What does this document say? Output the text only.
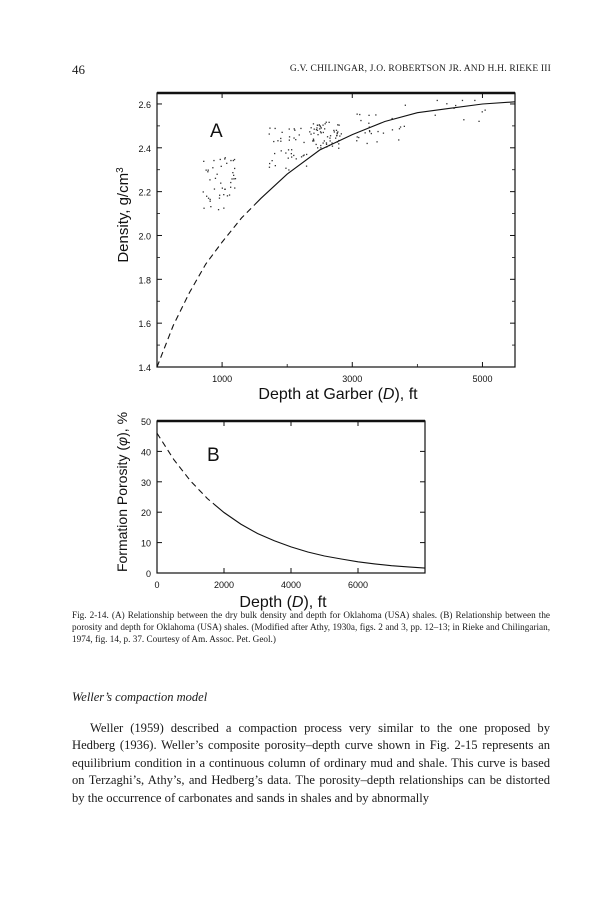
46	G.V. CHILINGAR, J.O. ROBERTSON JR. AND H.H. RIEKE III
1.4
1.6
1.8
2.0
2.2
2.4
2.6
1000	3000	5000
A
Depth at Garber (D), ft
Density, $g/cm^3$
0
10
20
30
40
50
0	2000	4000	6000
B
Depth (D), ft
Formation Porosity (φ), %
Fig. 2-14. (A) Relationship between the dry bulk density and depth for Oklahoma (USA) shales. (B) Relationship between the porosity and depth for Oklahoma (USA) shales. (Modified after Athy, 1930a, figs. 2 and 3, pp. 12–13; in Rieke and Chilingarian, 1974, fig. 14, p. 37. Courtesy of Am. Assoc. Pet. Geol.)
Weller’s compaction model

Weller (1959) described a compaction process very similar to the one proposed by Hedberg (1936). Weller’s composite porosity–depth curve shown in Fig. 2-15 represents an equilibrium condition in a continuous column of ordinary mud and shale. This curve is based on Terzaghi’s, Athy’s, and Hedberg’s data. The porosity–depth relationships can be distorted by the occurrence of carbonates and sands in shales and by abnormally
